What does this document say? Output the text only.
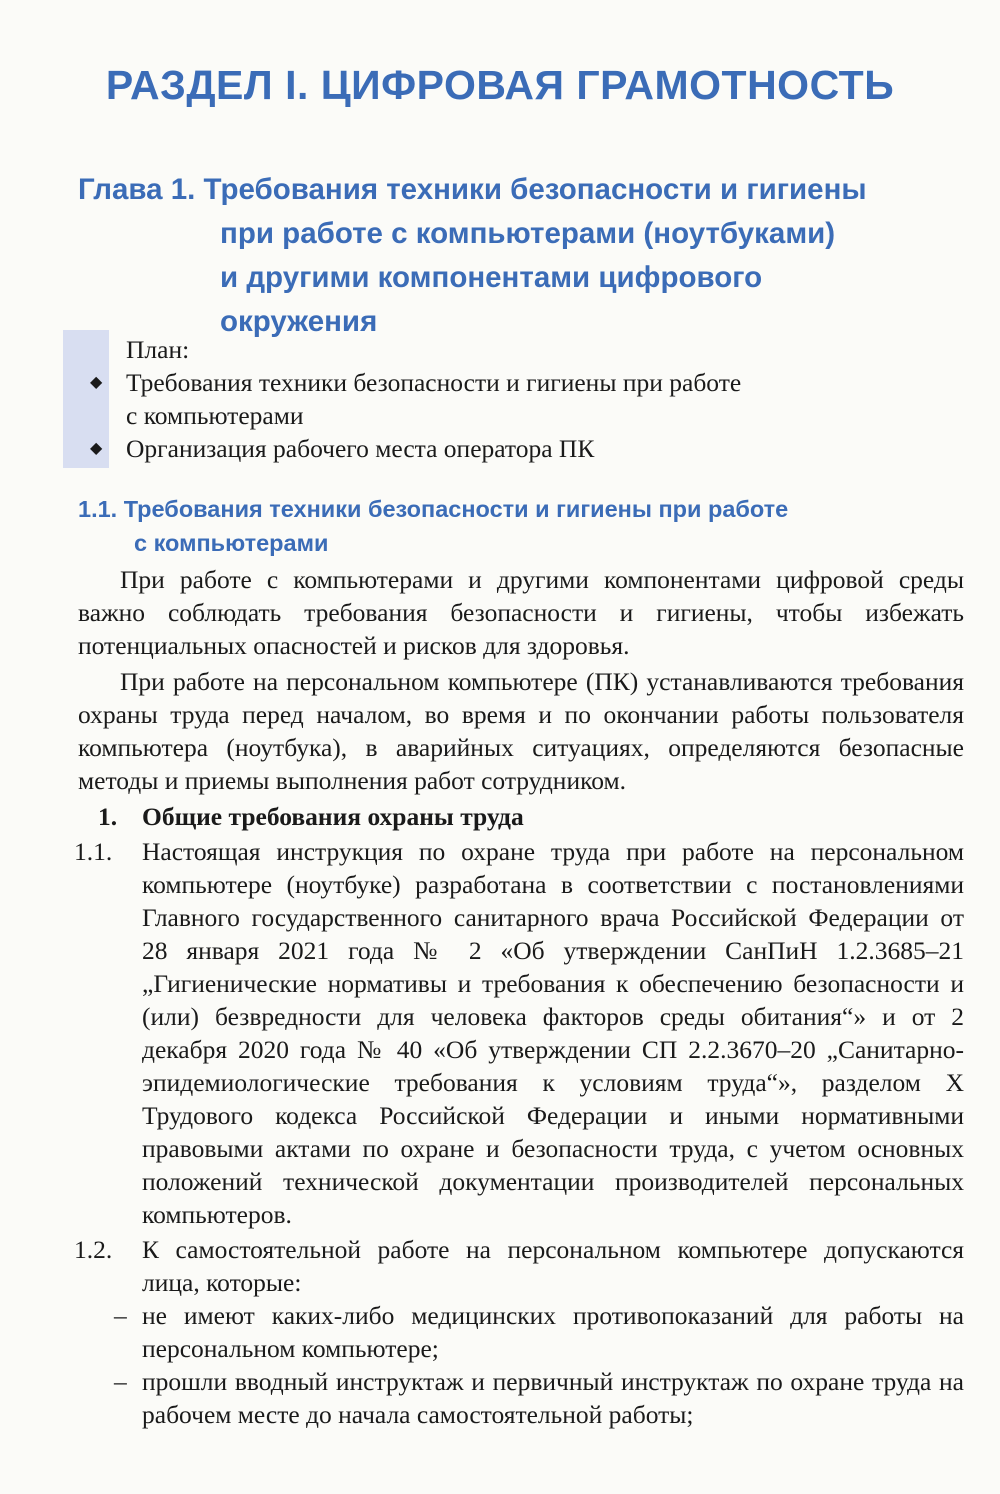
РАЗДЕЛ I. ЦИФРОВАЯ ГРАМОТНОСТЬ
Глава 1. Требования техники безопасности и гигиены
при работе с компьютерами (ноутбуками)
и другими компонентами цифрового
окружения
План:
◆ Требования техники безопасности и гигиены при работе
с компьютерами
◆ Организация рабочего места оператора ПК
1.1. Требования техники безопасности и гигиены при работе
с компьютерами

При работе с компьютерами и другими компонентами цифровой среды важно соблюдать требования безопасности и гигиены, чтобы избежать потенциальных опасностей и рисков для здоровья.

При работе на персональном компьютере (ПК) устанавливаются требования охраны труда перед началом, во время и по окончании работы пользователя компьютера (ноутбука), в аварийных ситуациях, определяются безопасные методы и приемы выполнения работ сотрудником.

1. Общие требования охраны труда
1.1. Настоящая инструкция по охране труда при работе на персональном компьютере (ноутбуке) разработана в соответствии с постановлениями Главного государственного санитарного врача Российской Федерации от 28 января 2021 года № 2 «Об утверждении СанПиН 1.2.3685–21 „Гигиенические нормативы и требования к обеспечению безопасности и (или) безвредности для человека факторов среды обитания“» и от 2 декабря 2020 года № 40 «Об утверждении СП 2.2.3670–20 „Санитарно-эпидемиологические требования к условиям труда“», разделом X Трудового кодекса Российской Федерации и иными нормативными правовыми актами по охране и безопасности труда, с учетом основных положений технической документации производителей персональных компьютеров.
1.2. К самостоятельной работе на персональном компьютере допускаются лица, которые:
– не имеют каких-либо медицинских противопоказаний для работы на персональном компьютере;
– прошли вводный инструктаж и первичный инструктаж по охране труда на рабочем месте до начала самостоятельной работы;
